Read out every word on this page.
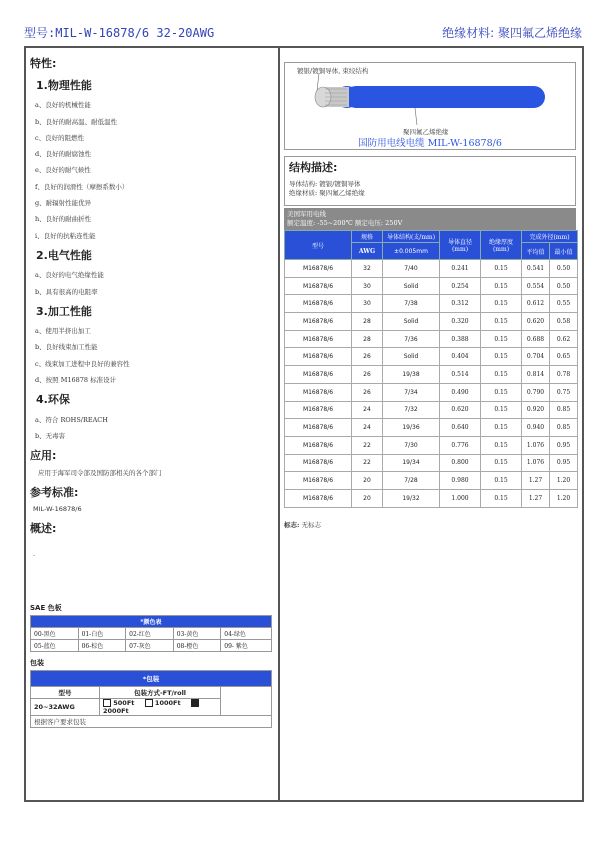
型号:MIL-W-16878/6 32-20AWG	绝缘材料: 聚四氟乙烯绝缘
特性:
1.物理性能
a、良好的机械性能
b、良好的耐高温、耐低温性
c、良好的阻燃性
d、良好的耐腐蚀性
e、良好的耐气候性
f、良好的润滑性（摩擦系数小）
g、耐辐射性能优异
h、良好的耐曲折性
i、良好的抗粘连性能
2.电气性能
a、良好的电气绝缘性能
b、具有很高的电阻率
3.加工性能
a、使用半挤出加工
b、良好线束加工性能
c、线束加工进程中良好的兼容性
d、按照 M16878 标准设计
4.环保
a、符合 ROHS/REACH
b、无毒害
应用:
应用于海军司令部及国防部相关的各个部门
参考标准:
MIL-W-16878/6
概述:
.
SAE 色板
*颜色表				
00-黑色	01-白色	02-红色	03-黄色	04-绿色
05-蓝色	06-棕色	07-灰色	08-橙色	09- 紫色
包装
*包装		
型号	包装方式-FT/roll	
20~32AWG	500Ft 1000Ft  2000Ft	
根据客户要求包装		
镀银/镀铜导体, 束绞结构
聚四氟乙烯绝缘
国防用电线电缆 MIL-W-16878/6
结构描述:
导体结构: 镀银/镀铜导体
绝缘材质: 聚四氟乙烯绝缘
美国军用电线
额定温度: -55~200℃ 额定电压: 250V
型号	规格	导体结构(支/mm)	导体直径(mm)	绝缘厚度(mm)	完成外径(mm)	
	AWG	±0.005mm			平均值	最小值
M16878/6	32	7/40	0.241	0.15	0.541	0.50
M16878/6	30	Solid	0.254	0.15	0.554	0.50
M16878/6	30	7/38	0.312	0.15	0.612	0.55
M16878/6	28	Solid	0.320	0.15	0.620	0.58
M16878/6	28	7/36	0.388	0.15	0.688	0.62
M16878/6	26	Solid	0.404	0.15	0.704	0.65
M16878/6	26	19/38	0.514	0.15	0.814	0.78
M16878/6	26	7/34	0.490	0.15	0.790	0.75
M16878/6	24	7/32	0.620	0.15	0.920	0.85
M16878/6	24	19/36	0.640	0.15	0.940	0.85
M16878/6	22	7/30	0.776	0.15	1.076	0.95
M16878/6	22	19/34	0.800	0.15	1.076	0.95
M16878/6	20	7/28	0.980	0.15	1.27	1.20
M16878/6	20	19/32	1.000	0.15	1.27	1.20
标志: 无标志
